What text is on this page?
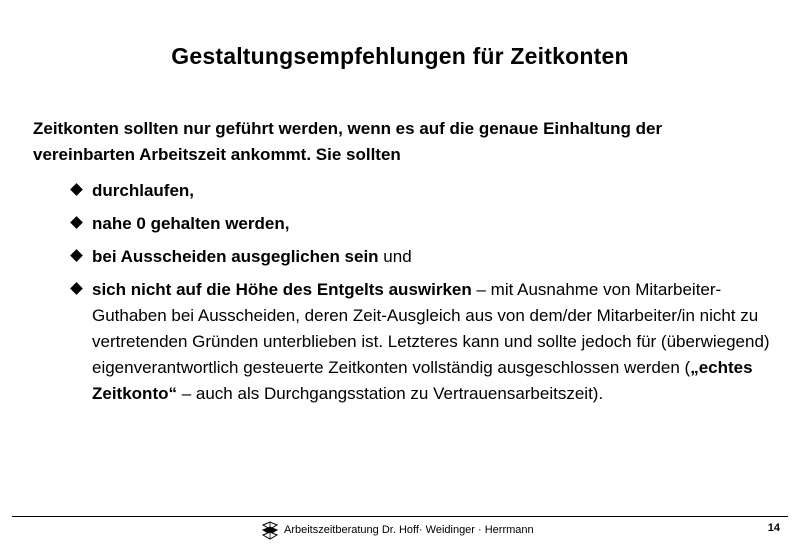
Gestaltungsempfehlungen für Zeitkonten
Zeitkonten sollten nur geführt werden, wenn es auf die genaue Einhaltung der vereinbarten Arbeitszeit ankommt. Sie sollten
durchlaufen,
nahe 0 gehalten werden,
bei Ausscheiden ausgeglichen sein und
sich nicht auf die Höhe des Entgelts auswirken – mit Ausnahme von Mitarbeiter-Guthaben bei Ausscheiden, deren Zeit-Ausgleich aus von dem/der Mitarbeiter/in nicht zu vertretenden Gründen unterblieben ist. Letzteres kann und sollte jedoch für (überwiegend) eigenverantwortlich gesteuerte Zeitkonten vollständig ausgeschlossen werden („echtes Zeitkonto“ – auch als Durchgangsstation zu Vertrauensarbeitszeit).
Arbeitszeitberatung Dr. Hoff· Weidinger · Herrmann	14
